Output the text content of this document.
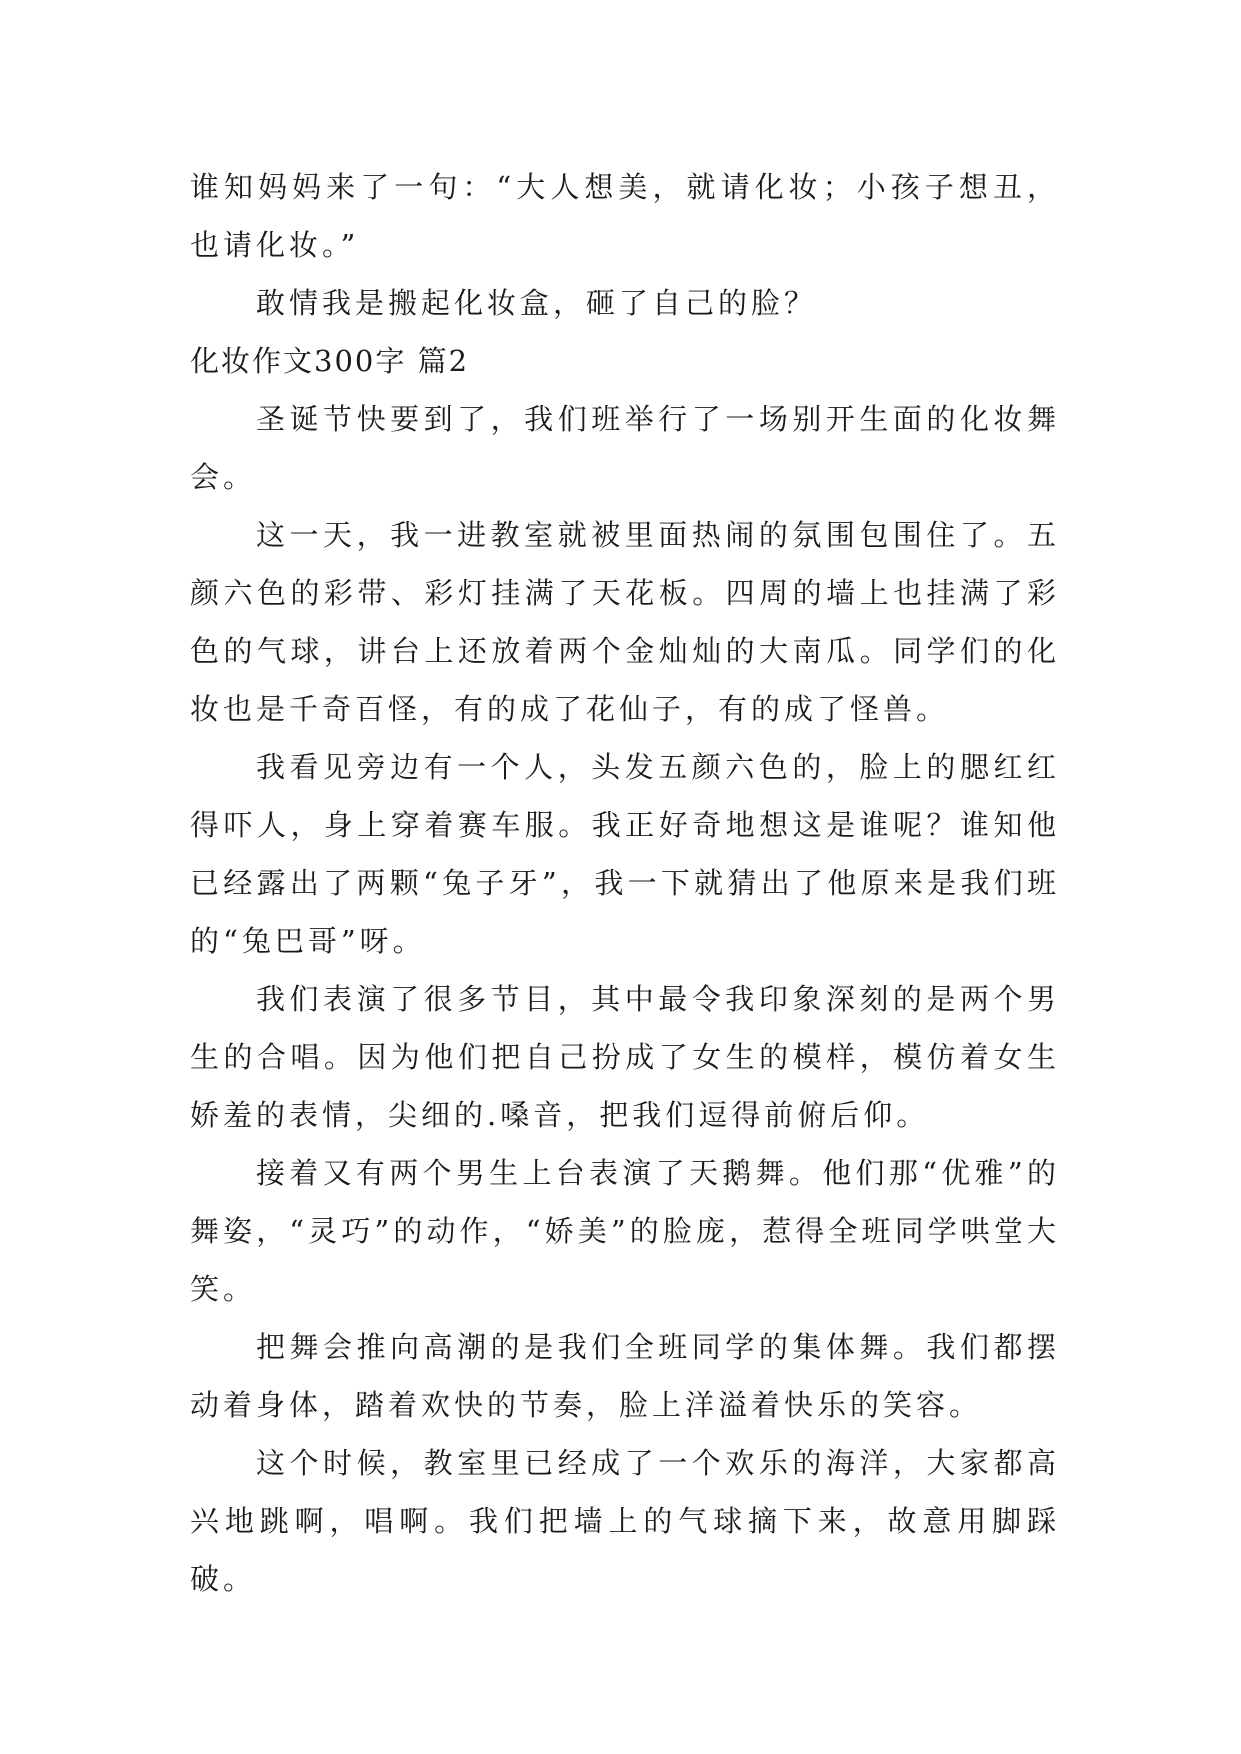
谁知妈妈来了一句：“大人想美，就请化妆；小孩子想丑，也请化妆。”

敢情我是搬起化妆盒，砸了自己的脸？

化妆作文300字 篇2

圣诞节快要到了，我们班举行了一场别开生面的化妆舞会。

这一天，我一进教室就被里面热闹的氛围包围住了。五颜六色的彩带、彩灯挂满了天花板。四周的墙上也挂满了彩色的气球，讲台上还放着两个金灿灿的大南瓜。同学们的化妆也是千奇百怪，有的成了花仙子，有的成了怪兽。

我看见旁边有一个人，头发五颜六色的，脸上的腮红红得吓人，身上穿着赛车服。我正好奇地想这是谁呢？谁知他已经露出了两颗“兔子牙”，我一下就猜出了他原来是我们班的“兔巴哥”呀。

我们表演了很多节目，其中最令我印象深刻的是两个男生的合唱。因为他们把自己扮成了女生的模样，模仿着女生娇羞的表情，尖细的.嗓音，把我们逗得前俯后仰。

接着又有两个男生上台表演了天鹅舞。他们那“优雅”的舞姿，“灵巧”的动作，“娇美”的脸庞，惹得全班同学哄堂大笑。

把舞会推向高潮的是我们全班同学的集体舞。我们都摆动着身体，踏着欢快的节奏，脸上洋溢着快乐的笑容。

这个时候，教室里已经成了一个欢乐的海洋，大家都高兴地跳啊，唱啊。我们把墙上的气球摘下来，故意用脚踩破。
